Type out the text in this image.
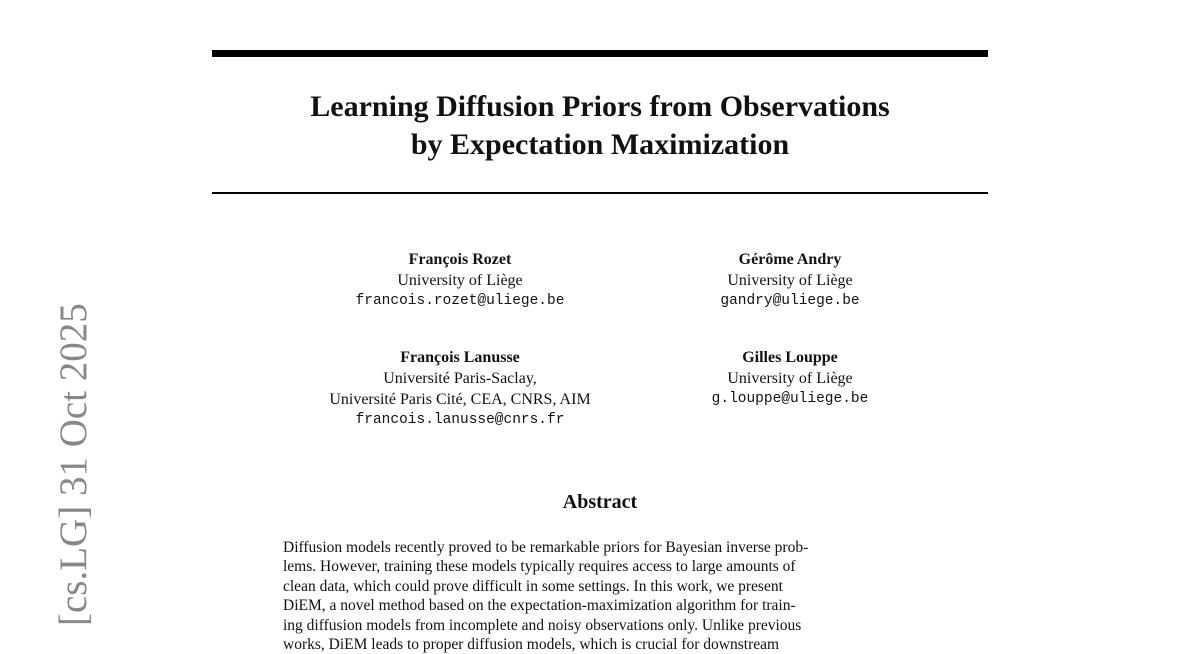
Learning Diffusion Priors from Observations
by Expectation Maximization
François Rozet
University of Liège
francois.rozet@uliege.be
Gérôme Andry
University of Liège
gandry@uliege.be
François Lanusse
Université Paris-Saclay,
Université Paris Cité, CEA, CNRS, AIM
francois.lanusse@cnrs.fr
Gilles Louppe
University of Liège
g.louppe@uliege.be
Abstract
Diffusion models recently proved to be remarkable priors for Bayesian inverse prob-
lems. However, training these models typically requires access to large amounts of
clean data, which could prove difficult in some settings. In this work, we present
DiEM, a novel method based on the expectation-maximization algorithm for train-
ing diffusion models from incomplete and noisy observations only. Unlike previous
works, DiEM leads to proper diffusion models, which is crucial for downstream
[cs.LG] 31 Oct 2025
